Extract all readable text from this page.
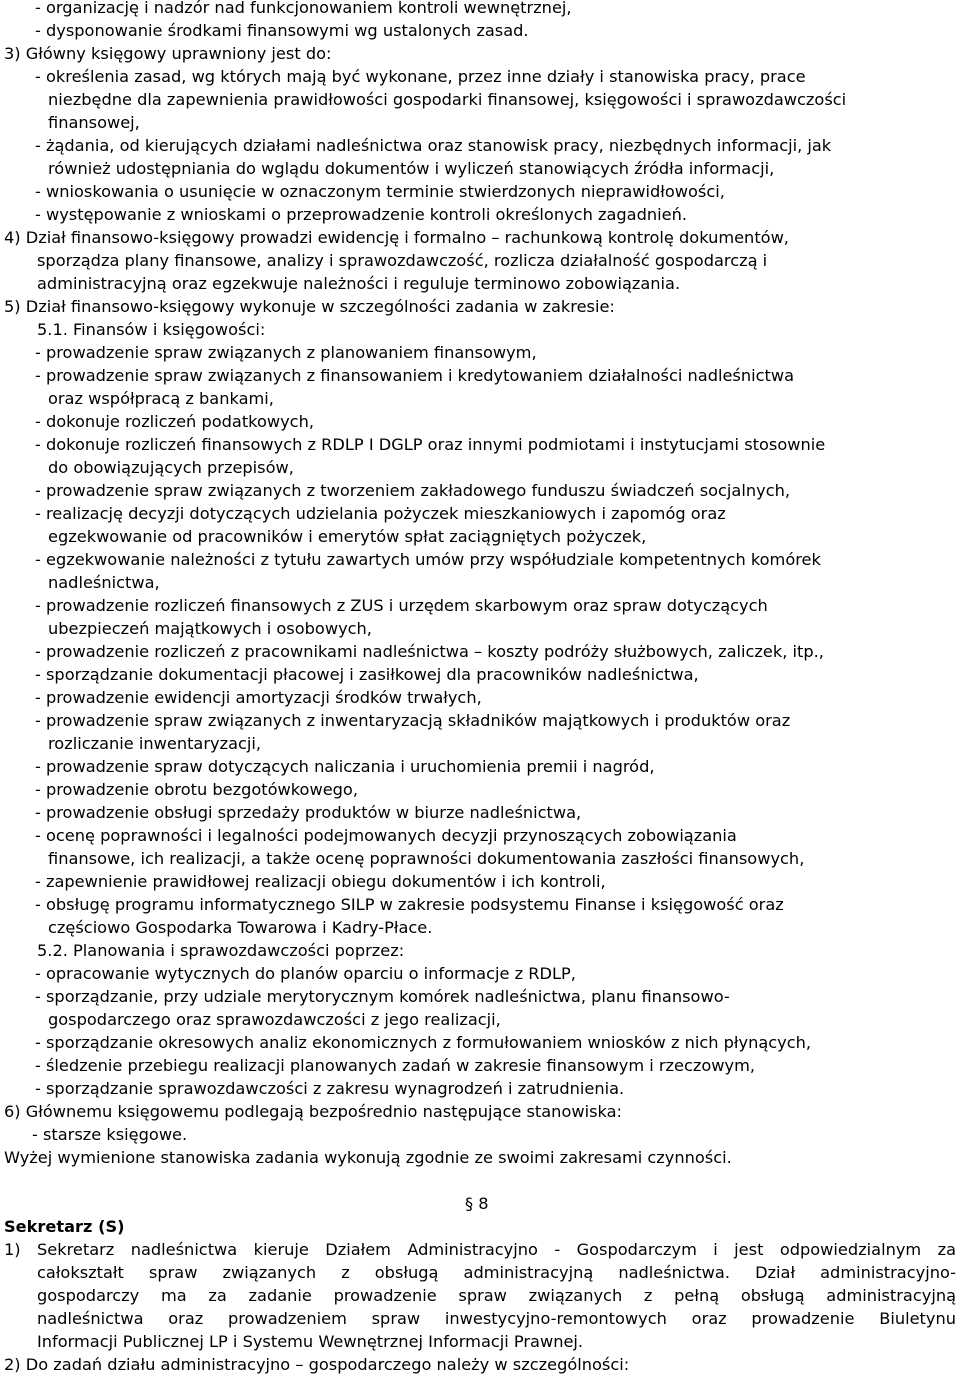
- organizację i nadzór nad funkcjonowaniem kontroli wewnętrznej,
- dysponowanie środkami finansowymi wg ustalonych zasad.
3) Główny księgowy uprawniony jest do:
- określenia zasad, wg których mają być wykonane, przez inne działy i stanowiska pracy, prace
niezbędne dla zapewnienia prawidłowości gospodarki finansowej, księgowości i sprawozdawczości
finansowej,
- żądania, od kierujących działami nadleśnictwa oraz stanowisk pracy, niezbędnych informacji, jak
również udostępniania do wglądu dokumentów i wyliczeń stanowiących źródła informacji,
- wnioskowania o usunięcie w oznaczonym terminie stwierdzonych nieprawidłowości,
- występowanie z wnioskami o przeprowadzenie kontroli określonych zagadnień.
4) Dział finansowo-księgowy prowadzi ewidencję i formalno – rachunkową kontrolę dokumentów,
sporządza plany finansowe, analizy i sprawozdawczość, rozlicza działalność gospodarczą i
administracyjną oraz egzekwuje należności i reguluje terminowo zobowiązania.
5) Dział finansowo-księgowy wykonuje w szczególności zadania w zakresie:
5.1. Finansów i księgowości:
- prowadzenie spraw związanych z planowaniem finansowym,
- prowadzenie spraw związanych z finansowaniem i kredytowaniem działalności nadleśnictwa
oraz współpracą z bankami,
- dokonuje rozliczeń podatkowych,
- dokonuje rozliczeń finansowych z RDLP I DGLP oraz innymi podmiotami i instytucjami stosownie
do obowiązujących przepisów,
- prowadzenie spraw związanych z tworzeniem zakładowego funduszu świadczeń socjalnych,
- realizację decyzji dotyczących udzielania pożyczek mieszkaniowych i zapomóg oraz
egzekwowanie od pracowników i emerytów spłat zaciągniętych pożyczek,
- egzekwowanie należności z tytułu zawartych umów przy współudziale kompetentnych komórek
nadleśnictwa,
- prowadzenie rozliczeń finansowych z ZUS i urzędem skarbowym oraz spraw dotyczących
ubezpieczeń majątkowych i osobowych,
- prowadzenie rozliczeń z pracownikami nadleśnictwa – koszty podróży służbowych, zaliczek, itp.,
- sporządzanie dokumentacji płacowej i zasiłkowej dla pracowników nadleśnictwa,
- prowadzenie ewidencji amortyzacji środków trwałych,
- prowadzenie spraw związanych z inwentaryzacją składników majątkowych i produktów oraz
rozliczanie inwentaryzacji,
- prowadzenie spraw dotyczących naliczania i uruchomienia premii i nagród,
- prowadzenie obrotu bezgotówkowego,
- prowadzenie obsługi sprzedaży produktów w biurze nadleśnictwa,
- ocenę poprawności i legalności podejmowanych decyzji przynoszących zobowiązania
finansowe, ich realizacji, a także ocenę poprawności dokumentowania zaszłości finansowych,
- zapewnienie prawidłowej realizacji obiegu dokumentów i ich kontroli,
- obsługę programu informatycznego SILP w zakresie podsystemu Finanse i księgowość oraz
częściowo Gospodarka Towarowa i Kadry-Płace.
5.2. Planowania i sprawozdawczości poprzez:
- opracowanie wytycznych do planów oparciu o informacje z RDLP,
- sporządzanie, przy udziale merytorycznym komórek nadleśnictwa, planu finansowo-
gospodarczego oraz sprawozdawczości z jego realizacji,
- sporządzanie okresowych analiz ekonomicznych z formułowaniem wniosków z nich płynących,
- śledzenie przebiegu realizacji planowanych zadań w zakresie finansowym i rzeczowym,
- sporządzanie sprawozdawczości z zakresu wynagrodzeń i zatrudnienia.
6) Głównemu księgowemu podlegają bezpośrednio następujące stanowiska:
- starsze księgowe.
Wyżej wymienione stanowiska zadania wykonują zgodnie ze swoimi zakresami czynności.
§ 8
Sekretarz (S)
1) Sekretarz nadleśnictwa kieruje Działem Administracyjno - Gospodarczym i jest odpowiedzialnym za
całokształt spraw związanych z obsługą administracyjną nadleśnictwa. Dział administracyjno-
gospodarczy ma za zadanie prowadzenie spraw związanych z pełną obsługą administracyjną
nadleśnictwa oraz prowadzeniem spraw inwestycyjno-remontowych oraz prowadzenie Biuletynu
Informacji Publicznej LP i Systemu Wewnętrznej Informacji Prawnej.
2) Do zadań działu administracyjno – gospodarczego należy w szczególności:
